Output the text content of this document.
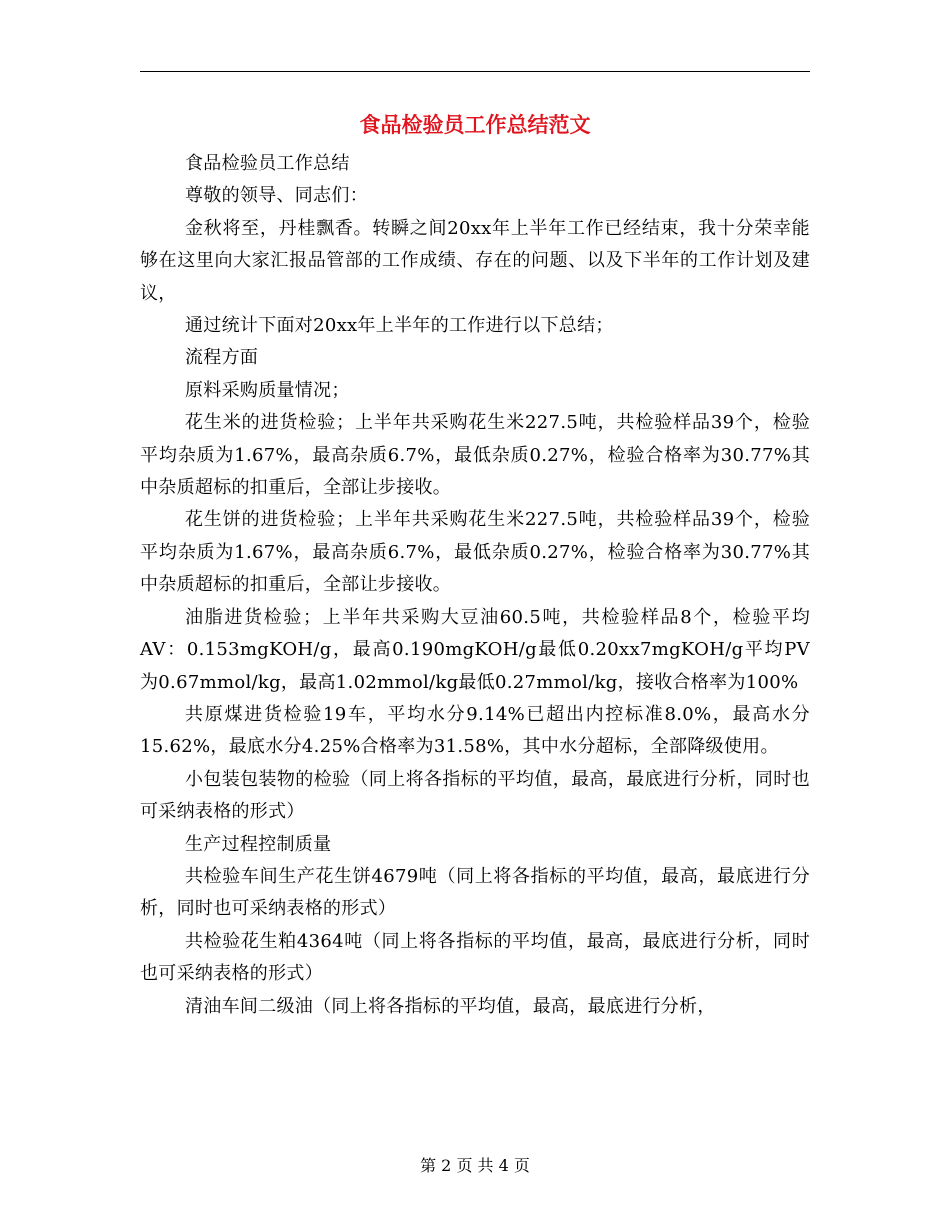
食品检验员工作总结范文

食品检验员工作总结

尊敬的领导、同志们：

金秋将至，丹桂飘香。转瞬之间20xx年上半年工作已经结束，我十分荣幸能够在这里向大家汇报品管部的工作成绩、存在的问题、以及下半年的工作计划及建议，

通过统计下面对20xx年上半年的工作进行以下总结；

流程方面

原料采购质量情况；

花生米的进货检验；上半年共采购花生米227.5吨，共检验样品39个，检验平均杂质为1.67%，最高杂质6.7%，最低杂质0.27%，检验合格率为30.77%其中杂质超标的扣重后，全部让步接收。

花生饼的进货检验；上半年共采购花生米227.5吨，共检验样品39个，检验平均杂质为1.67%，最高杂质6.7%，最低杂质0.27%，检验合格率为30.77%其中杂质超标的扣重后，全部让步接收。

油脂进货检验；上半年共采购大豆油60.5吨，共检验样品8个，检验平均AV：0.153mgKOH/g，最高0.190mgKOH/g最低0.20xx7mgKOH/g平均PV为0.67mmol/kg，最高1.02mmol/kg最低0.27mmol/kg，接收合格率为100%

共原煤进货检验19车，平均水分9.14%已超出内控标准8.0%，最高水分15.62%，最底水分4.25%合格率为31.58%，其中水分超标，全部降级使用。

小包装包装物的检验（同上将各指标的平均值，最高，最底进行分析，同时也可采纳表格的形式）

生产过程控制质量

共检验车间生产花生饼4679吨（同上将各指标的平均值，最高，最底进行分析，同时也可采纳表格的形式）

共检验花生粕4364吨（同上将各指标的平均值，最高，最底进行分析，同时也可采纳表格的形式）

清油车间二级油（同上将各指标的平均值，最高，最底进行分析，

第 2 页 共 4 页
